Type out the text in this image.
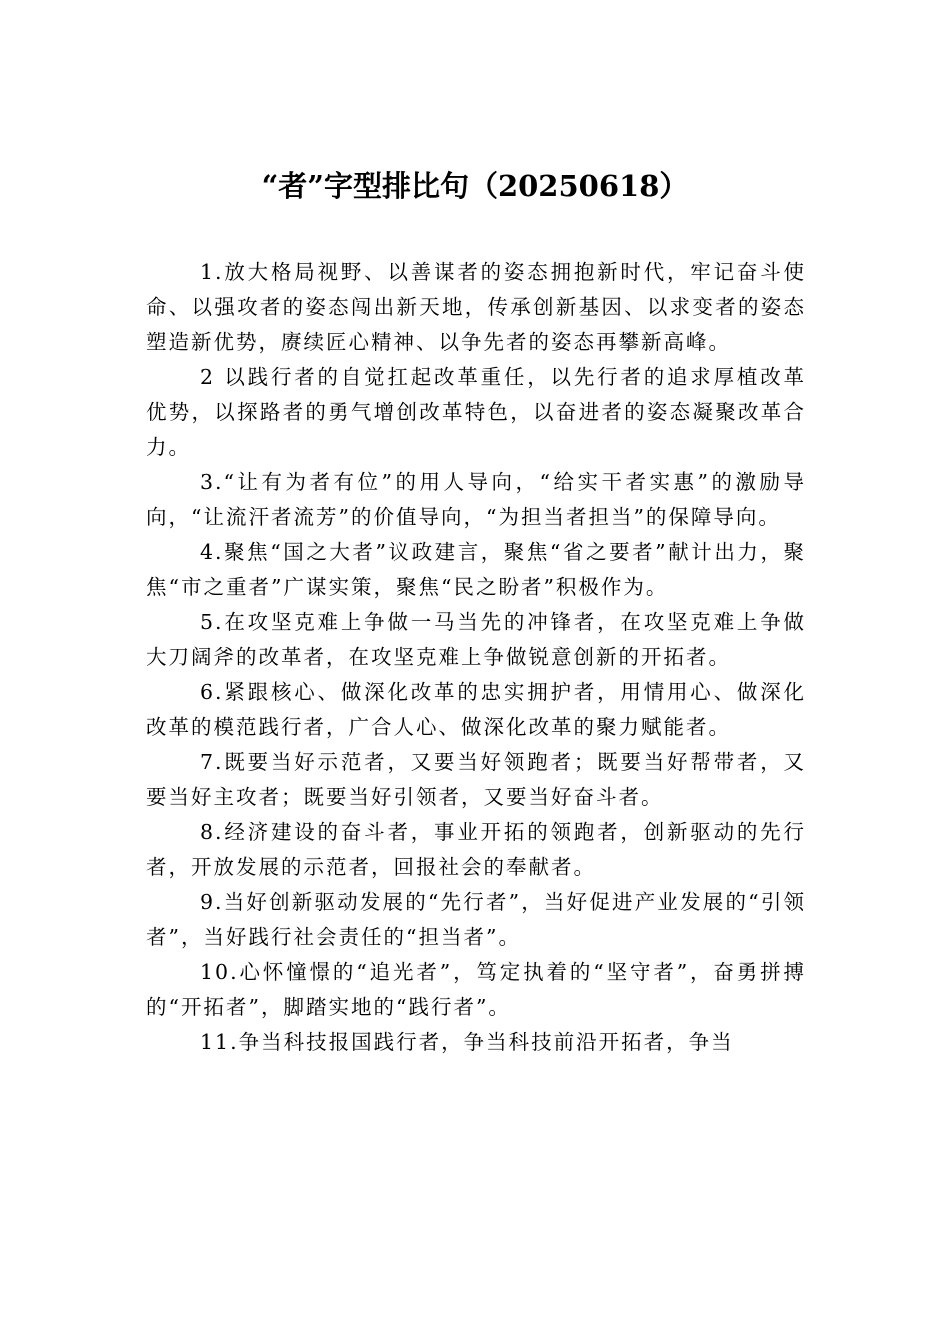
“者”字型排比句（20250618）

1.放大格局视野、以善谋者的姿态拥抱新时代，牢记奋斗使命、以强攻者的姿态闯出新天地，传承创新基因、以求变者的姿态塑造新优势，赓续匠心精神、以争先者的姿态再攀新高峰。

2 以践行者的自觉扛起改革重任，以先行者的追求厚植改革优势，以探路者的勇气增创改革特色，以奋进者的姿态凝聚改革合力。

3.“让有为者有位”的用人导向，“给实干者实惠”的激励导向，“让流汗者流芳”的价值导向，“为担当者担当”的保障导向。

4.聚焦“国之大者”议政建言，聚焦“省之要者”献计出力，聚焦“市之重者”广谋实策，聚焦“民之盼者”积极作为。

5.在攻坚克难上争做一马当先的冲锋者，在攻坚克难上争做大刀阔斧的改革者，在攻坚克难上争做锐意创新的开拓者。

6.紧跟核心、做深化改革的忠实拥护者，用情用心、做深化改革的模范践行者，广合人心、做深化改革的聚力赋能者。

7.既要当好示范者，又要当好领跑者；既要当好帮带者，又要当好主攻者；既要当好引领者，又要当好奋斗者。

8.经济建设的奋斗者，事业开拓的领跑者，创新驱动的先行者，开放发展的示范者，回报社会的奉献者。

9.当好创新驱动发展的“先行者”，当好促进产业发展的“引领者”，当好践行社会责任的“担当者”。

10.心怀憧憬的“追光者”，笃定执着的“坚守者”，奋勇拼搏的“开拓者”，脚踏实地的“践行者”。

11.争当科技报国践行者，争当科技前沿开拓者，争当
